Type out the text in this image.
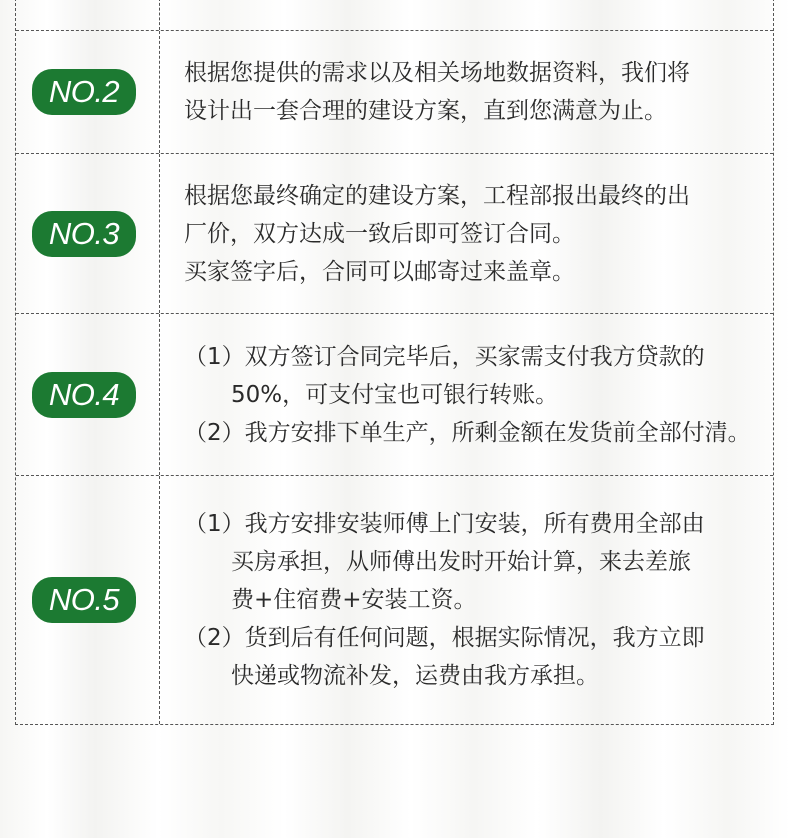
NO.2
根据您提供的需求以及相关场地数据资料，我们将
设计出一套合理的建设方案，直到您满意为止。
NO.3
根据您最终确定的建设方案，工程部报出最终的出
厂价，双方达成一致后即可签订合同。
买家签字后，合同可以邮寄过来盖章。
NO.4
（1）双方签订合同完毕后，买家需支付我方贷款的
50%，可支付宝也可银行转账。
（2）我方安排下单生产，所剩金额在发货前全部付清。
NO.5
（1）我方安排安装师傅上门安装，所有费用全部由
买房承担，从师傅出发时开始计算，来去差旅
费+住宿费+安装工资。
（2）货到后有任何问题，根据实际情况，我方立即
快递或物流补发，运费由我方承担。
